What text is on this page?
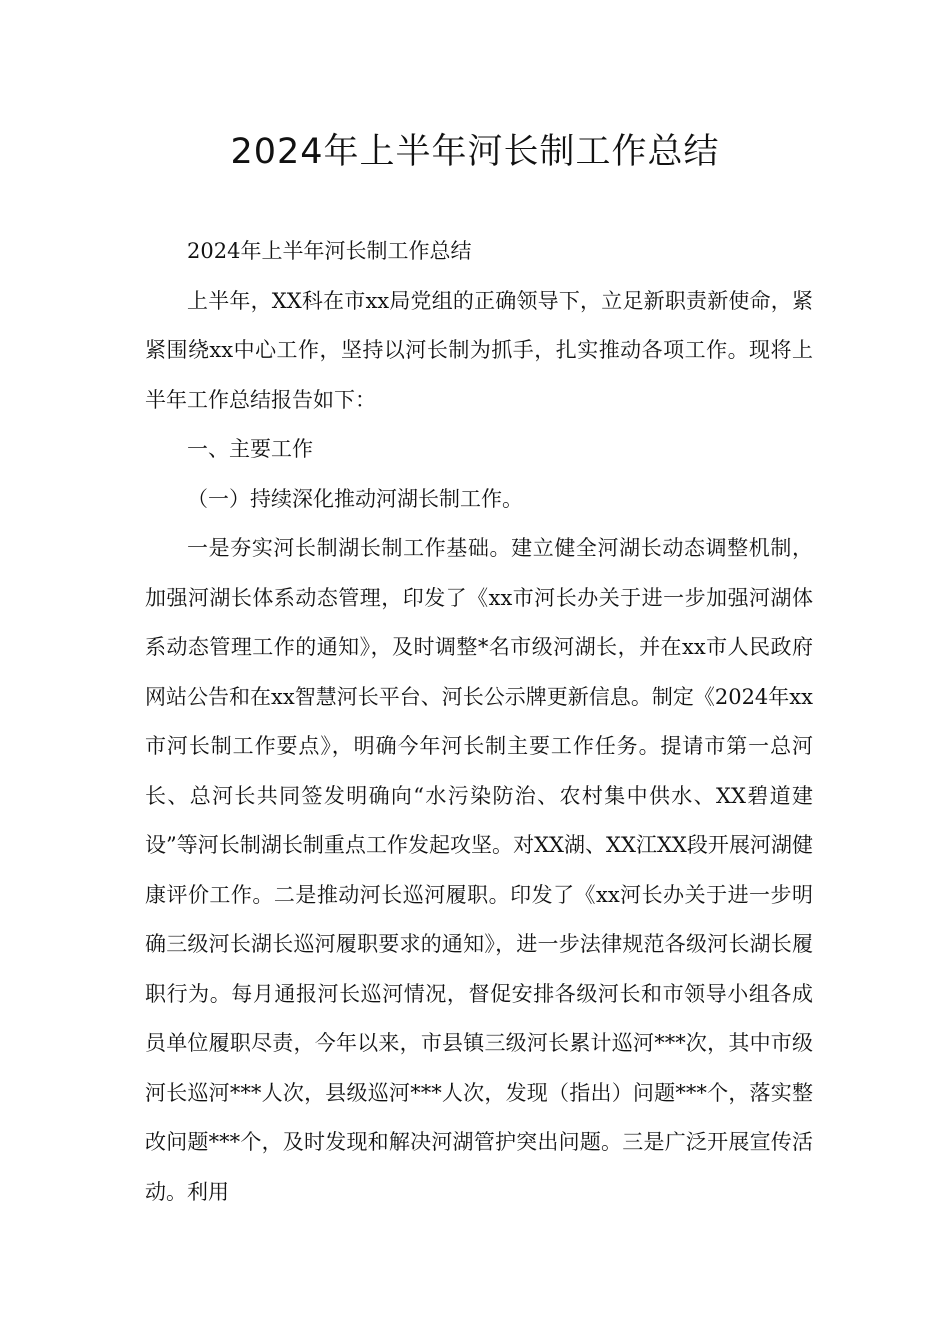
2024年上半年河长制工作总结

2024年上半年河长制工作总结

上半年，XX科在市xx局党组的正确领导下，立足新职责新使命，紧紧围绕xx中心工作，坚持以河长制为抓手，扎实推动各项工作。现将上半年工作总结报告如下：

一、主要工作

（一）持续深化推动河湖长制工作。

一是夯实河长制湖长制工作基础。建立健全河湖长动态调整机制，加强河湖长体系动态管理，印发了《xx市河长办关于进一步加强河湖体系动态管理工作的通知》，及时调整*名市级河湖长，并在xx市人民政府网站公告和在xx智慧河长平台、河长公示牌更新信息。制定《2024年xx市河长制工作要点》，明确今年河长制主要工作任务。提请市第一总河长、总河长共同签发明确向“水污染防治、农村集中供水、XX碧道建设”等河长制湖长制重点工作发起攻坚。对XX湖、XX江XX段开展河湖健康评价工作。二是推动河长巡河履职。印发了《xx河长办关于进一步明确三级河长湖长巡河履职要求的通知》，进一步法律规范各级河长湖长履职行为。每月通报河长巡河情况，督促安排各级河长和市领导小组各成员单位履职尽责，今年以来，市县镇三级河长累计巡河***次，其中市级河长巡河***人次，县级巡河***人次，发现（指出）问题***个，落实整改问题***个，及时发现和解决河湖管护突出问题。三是广泛开展宣传活动。利用
